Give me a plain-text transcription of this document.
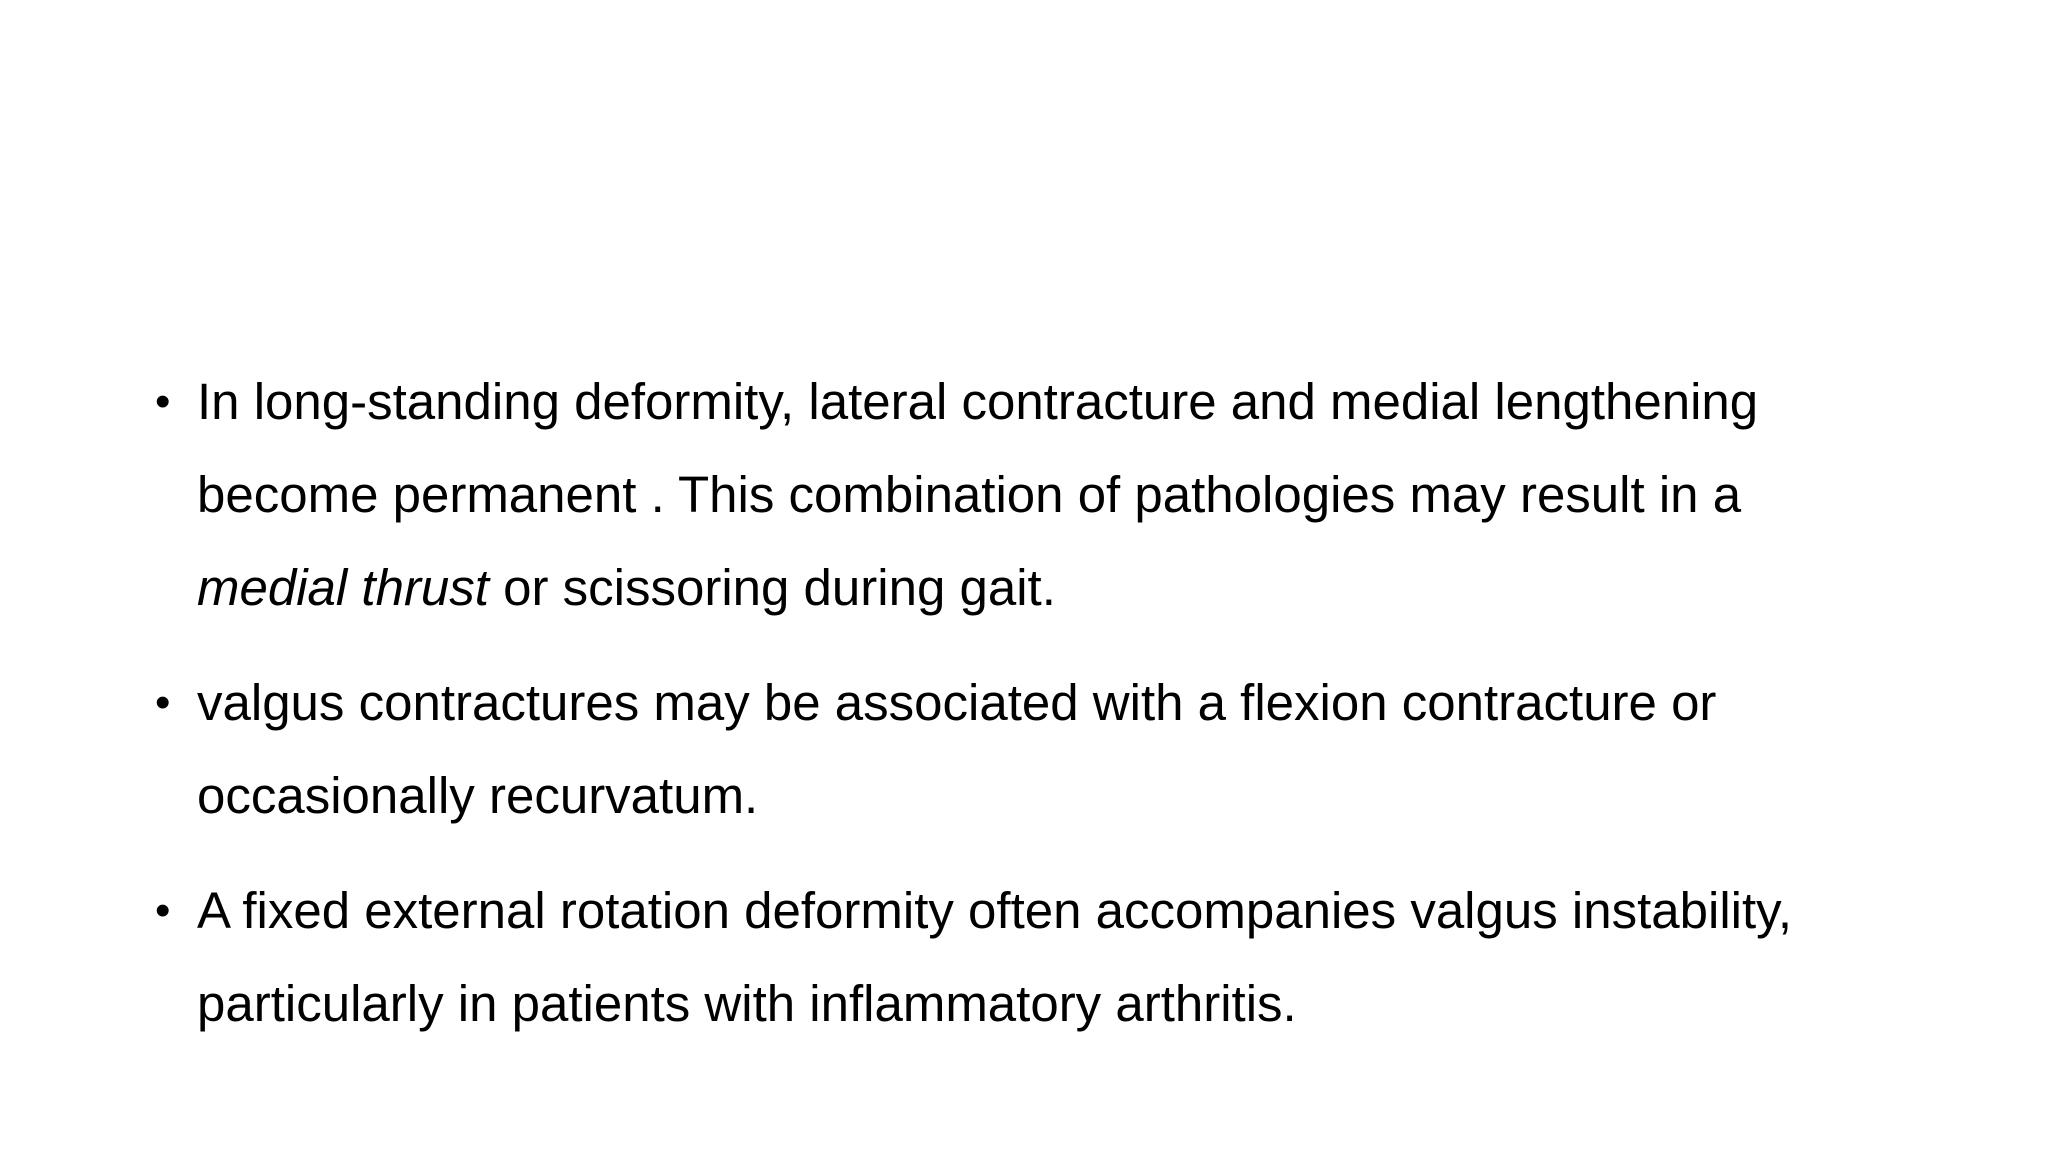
• In long-standing deformity, lateral contracture and medial lengthening become permanent . This combination of pathologies may result in a
medial thrust or scissoring during gait.
• valgus contractures may be associated with a flexion contracture or occasionally recurvatum.
• A fixed external rotation deformity often accompanies valgus instability, particularly in patients with inflammatory arthritis.
